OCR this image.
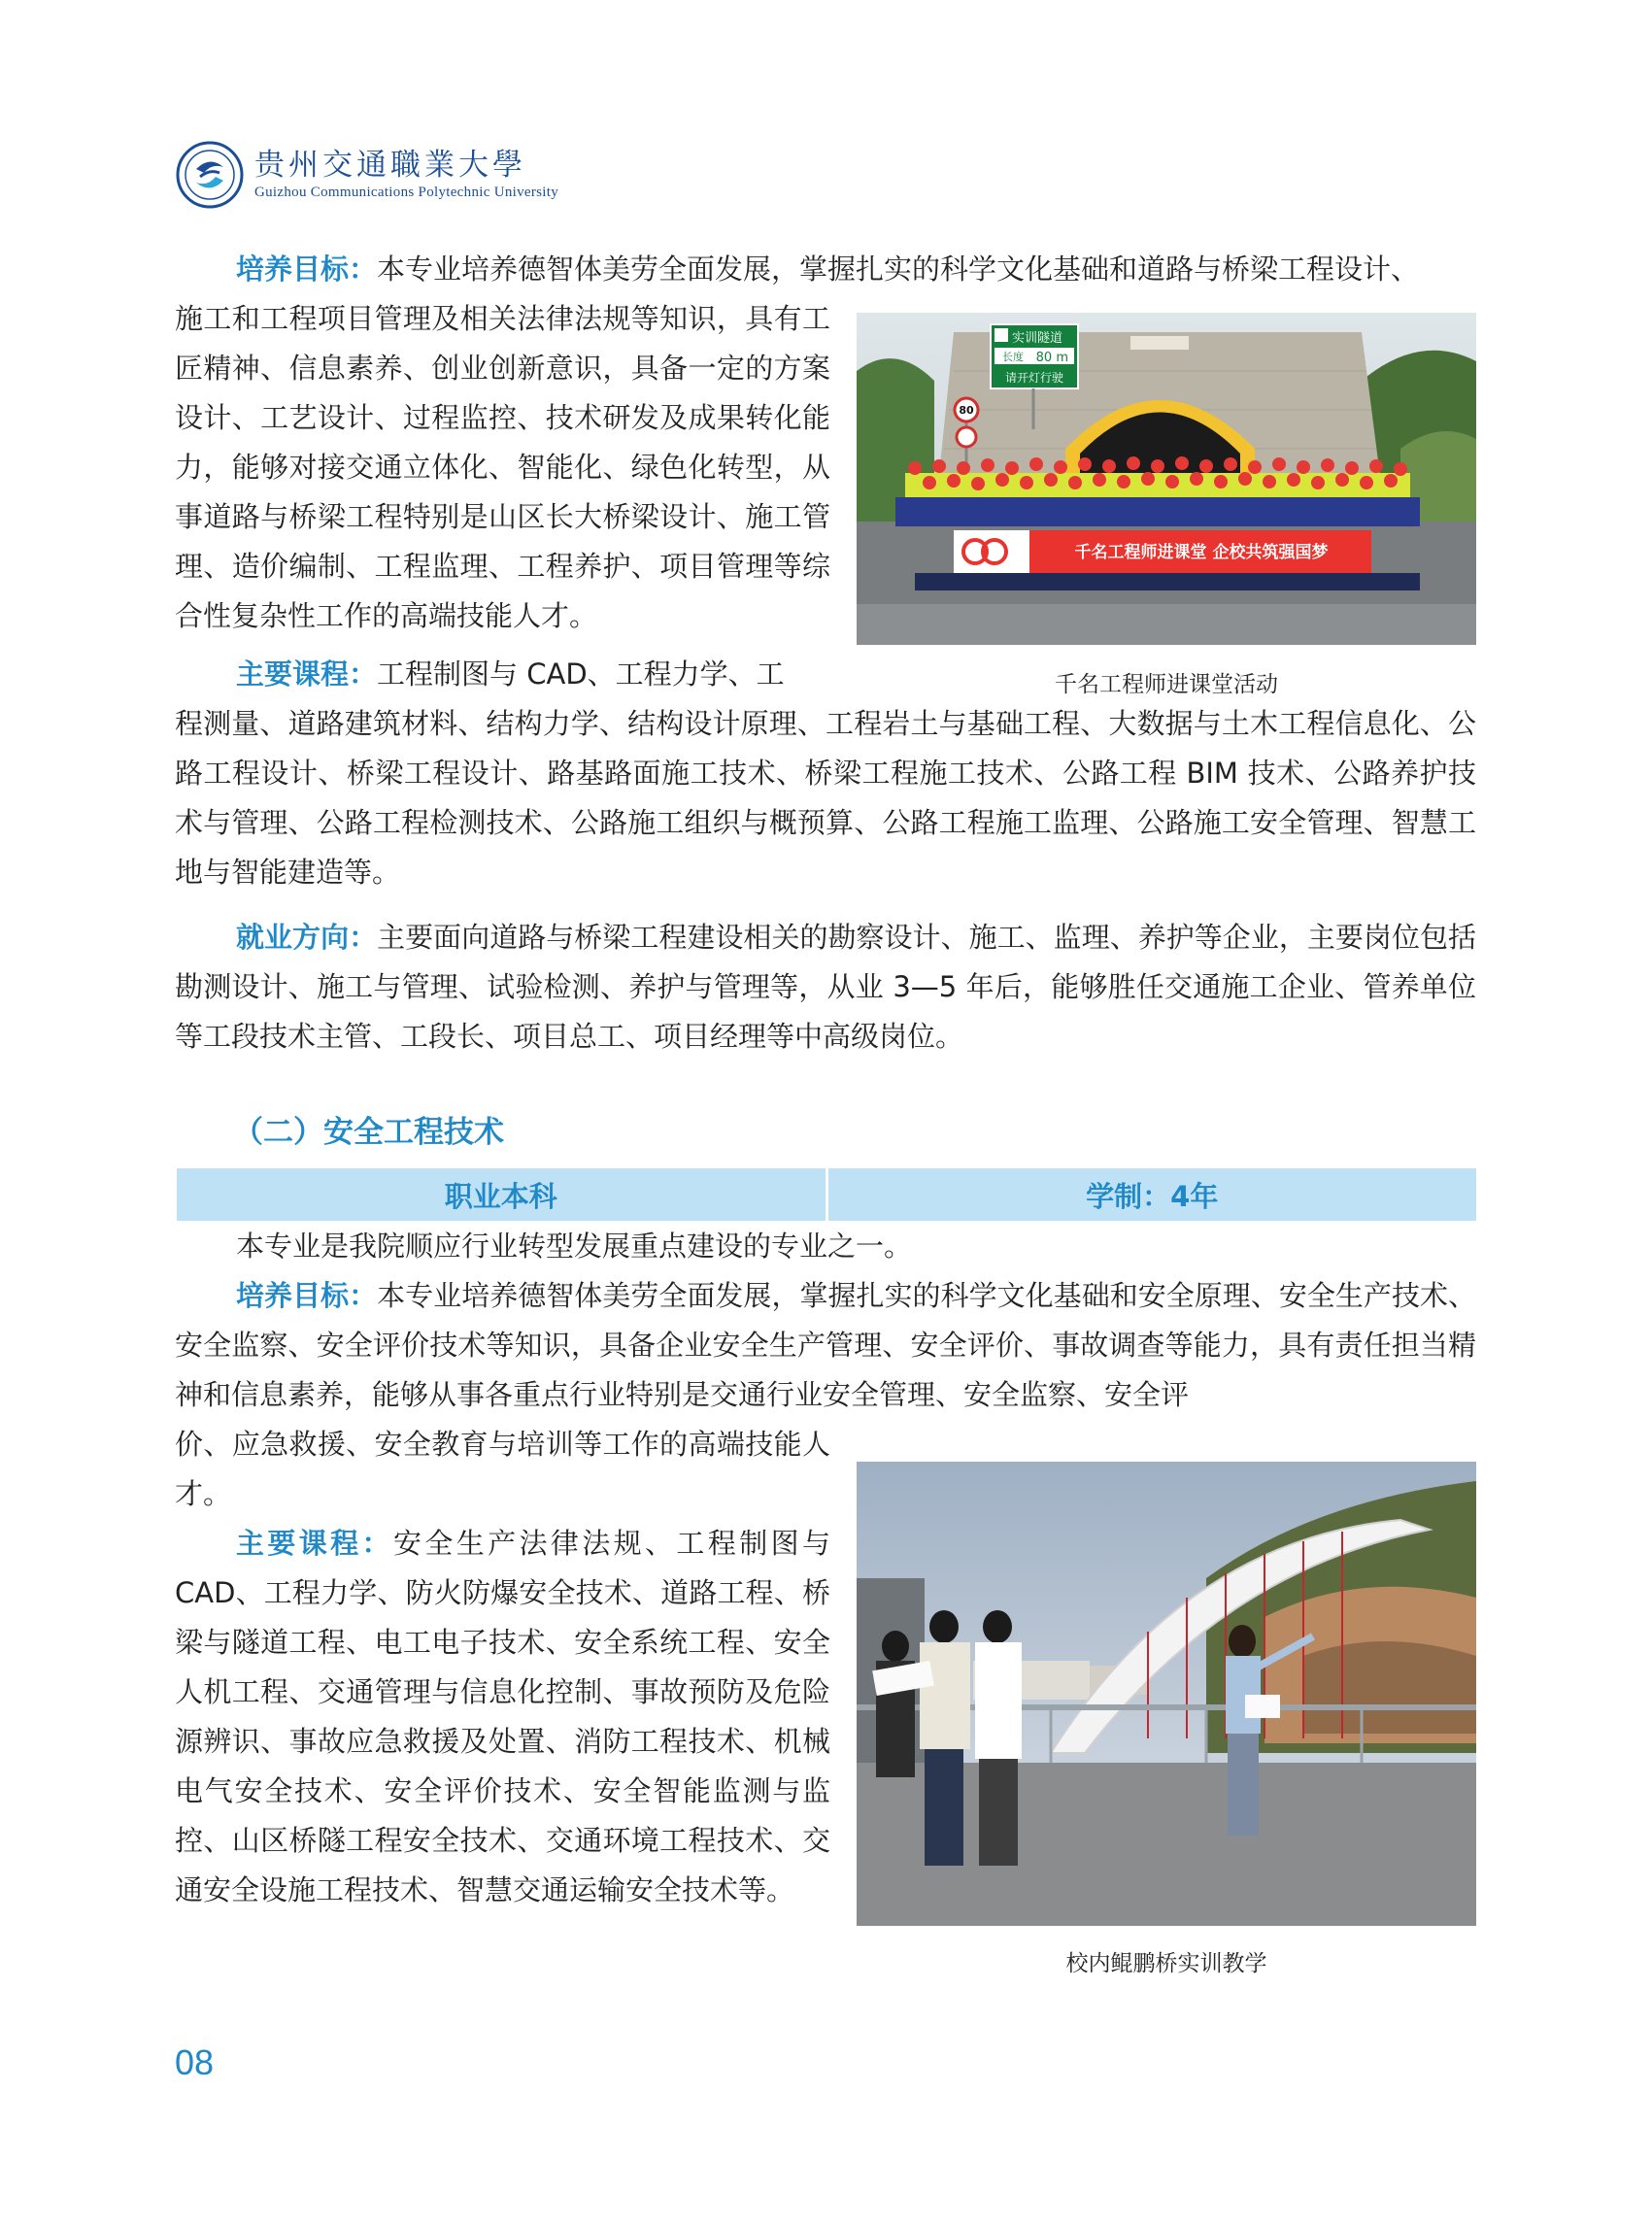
贵州交通職業大學
Guizhou Communications Polytechnic University

培养目标：本专业培养德智体美劳全面发展，掌握扎实的科学文化基础和道路与桥梁工程设计、

施工和工程项目管理及相关法律法规等知识，具有工匠精神、信息素养、创业创新意识，具备一定的方案设计、工艺设计、过程监控、技术研发及成果转化能力，能够对接交通立体化、智能化、绿色化转型，从事道路与桥梁工程特别是山区长大桥梁设计、施工管理、造价编制、工程监理、工程养护、项目管理等综合性复杂性工作的高端技能人才。

实训隧道
长度 80 m
请开灯行驶
80
千名工程师进课堂 企校共筑强国梦
千名工程师进课堂活动

主要课程：工程制图与 CAD、工程力学、工

程测量、道路建筑材料、结构力学、结构设计原理、工程岩土与基础工程、大数据与土木工程信息化、公路工程设计、桥梁工程设计、路基路面施工技术、桥梁工程施工技术、公路工程 BIM 技术、公路养护技术与管理、公路工程检测技术、公路施工组织与概预算、公路工程施工监理、公路施工安全管理、智慧工地与智能建造等。

就业方向：主要面向道路与桥梁工程建设相关的勘察设计、施工、监理、养护等企业，主要岗位包括勘测设计、施工与管理、试验检测、养护与管理等，从业 3—5 年后，能够胜任交通施工企业、管养单位等工段技术主管、工段长、项目总工、项目经理等中高级岗位。

（二）安全工程技术
职业本科	学制：4年

本专业是我院顺应行业转型发展重点建设的专业之一。

培养目标：本专业培养德智体美劳全面发展，掌握扎实的科学文化基础和安全原理、安全生产技术、安全监察、安全评价技术等知识，具备企业安全生产管理、安全评价、事故调查等能力，具有责任担当精神和信息素养，能够从事各重点行业特别是交通行业安全管理、安全监察、安全评

价、应急救援、安全教育与培训等工作的高端技能人才。

主要课程：安全生产法律法规、工程制图与 CAD、工程力学、防火防爆安全技术、道路工程、桥梁与隧道工程、电工电子技术、安全系统工程、安全人机工程、交通管理与信息化控制、事故预防及危险源辨识、事故应急救援及处置、消防工程技术、机械电气安全技术、安全评价技术、安全智能监测与监控、山区桥隧工程安全技术、交通环境工程技术、交通安全设施工程技术、智慧交通运输安全技术等。

校内鲲鹏桥实训教学
08
